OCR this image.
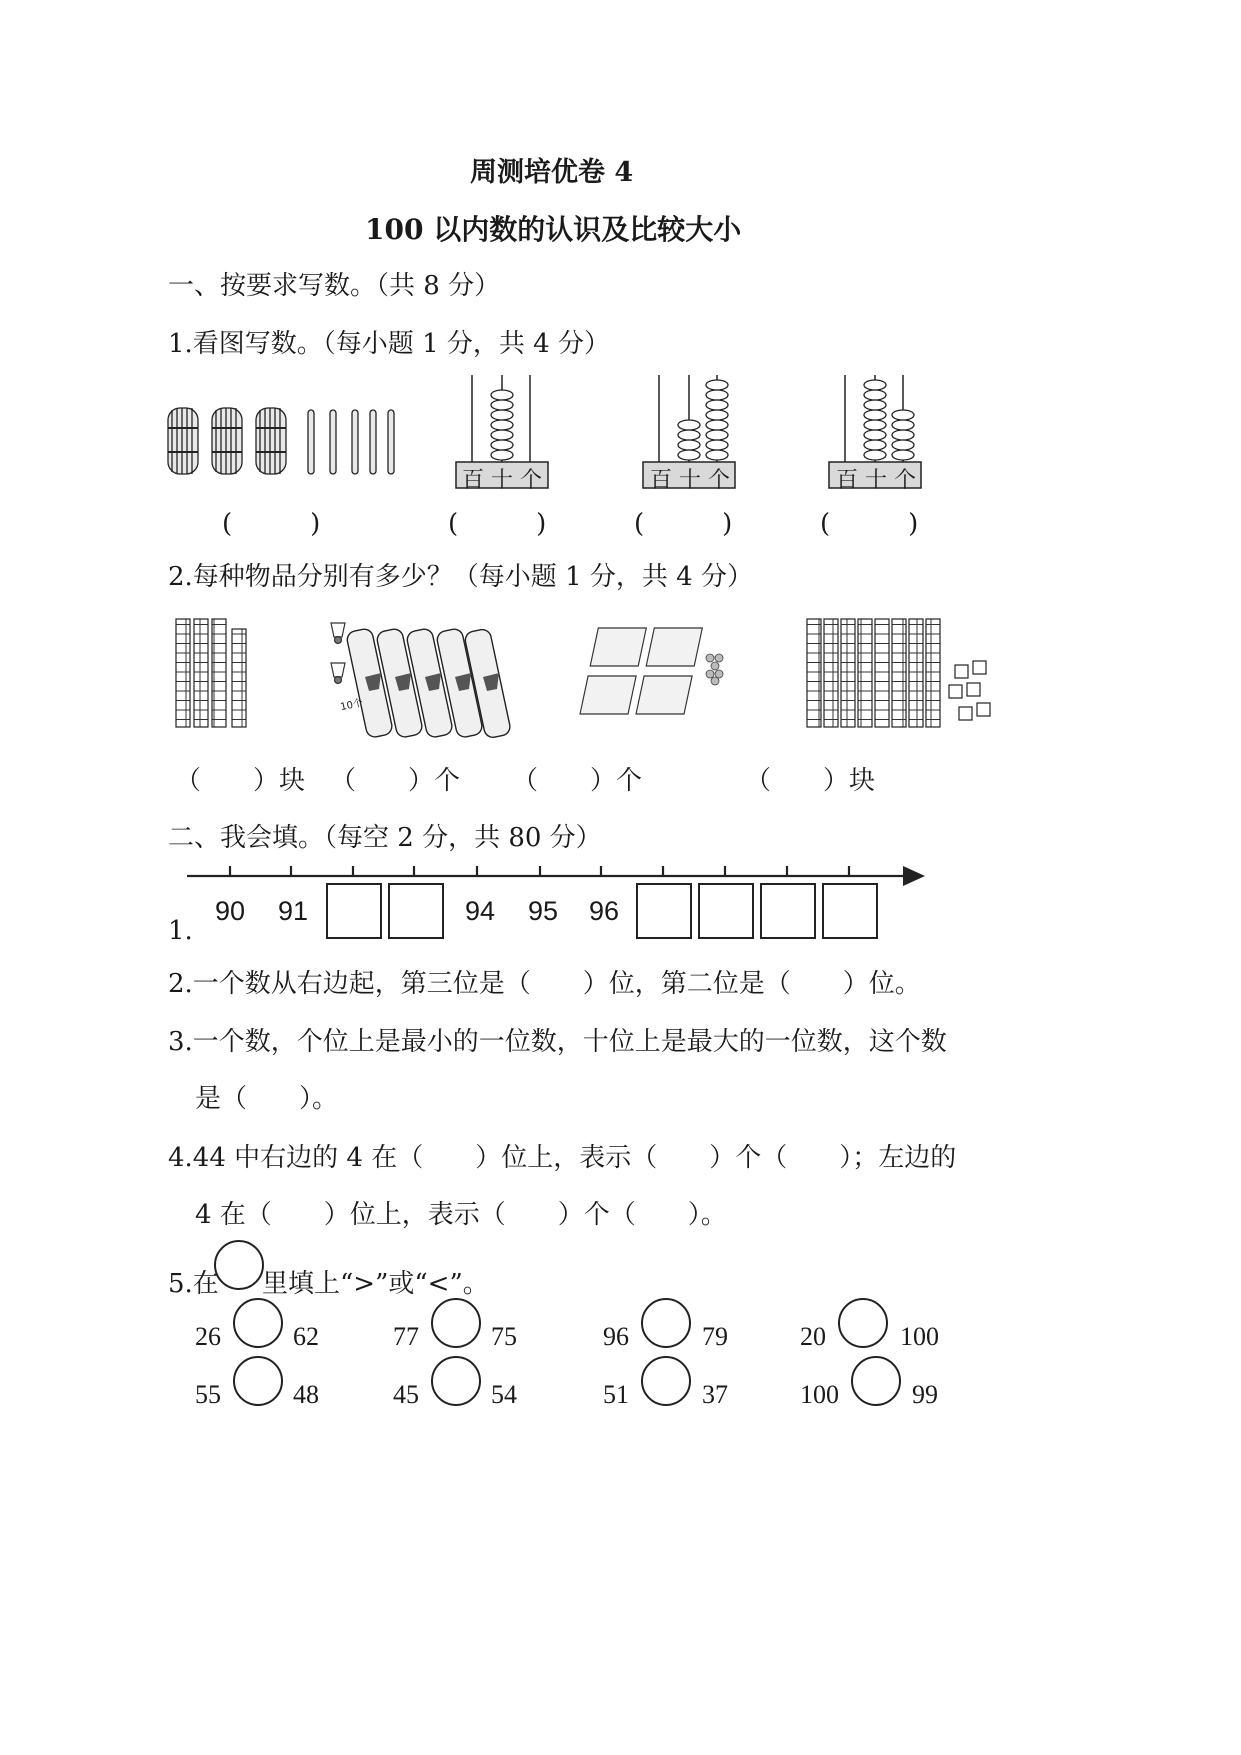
周测培优卷 4
100 以内数的认识及比较大小
一、按要求写数。（共 8 分）
1.看图写数。（每小题 1 分，共 4 分）
百 十 个	百 十 个	百 十 个
(　　　)	(　　　)	(　　　)	(　　　)
2.每种物品分别有多少？（每小题 1 分，共 4 分）
10个
（　　）块 （　　）个 （　　）个	（　　）块
二、我会填。（每空 2 分，共 80 分）
1.
90 91	94 95 96
2.一个数从右边起，第三位是（　　）位，第二位是（　　）位。
3.一个数，个位上是最小的一位数，十位上是最大的一位数，这个数
是（　　）。
4.44 中右边的 4 在（　　）位上，表示（　　）个（　　）；左边的
4 在（　　）位上，表示（　　）个（　　）。
5.在 里填上“>”或“<”。
26	62	77	75	96	79	20	100
55	48	45	54	51	37	100	99
